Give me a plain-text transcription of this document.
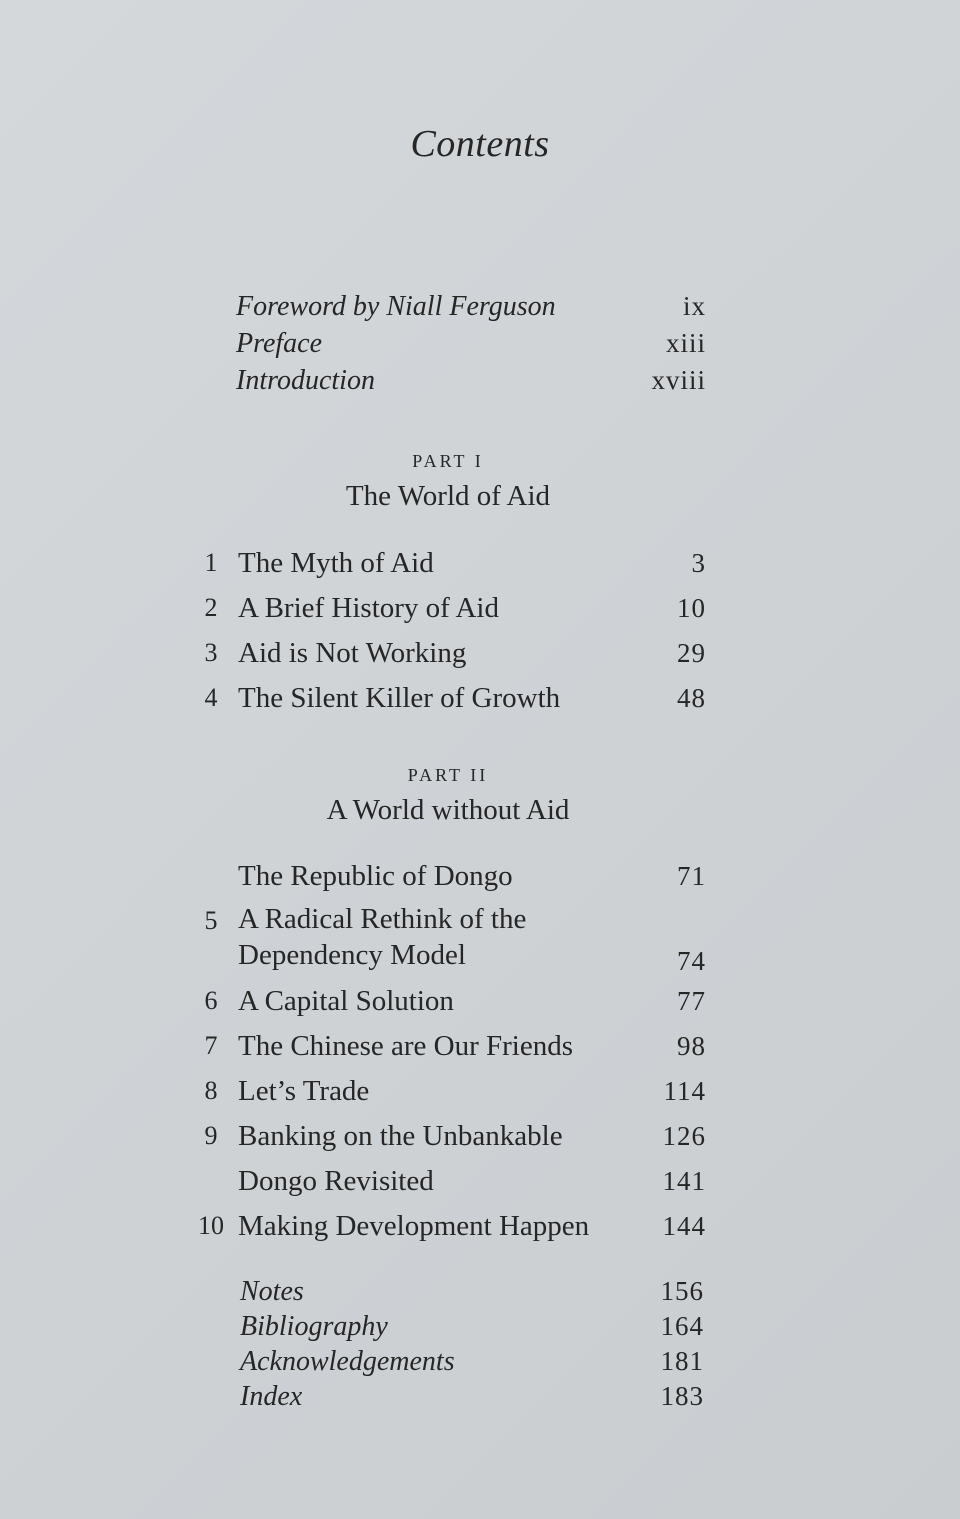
Contents
Foreword by Niall Ferguson	ix
Preface	xiii
Introduction	xviii
PART I
The World of Aid
1 The Myth of Aid	3
2 A Brief History of Aid	10
3 Aid is Not Working	29
4 The Silent Killer of Growth	48
PART II
A World without Aid
The Republic of Dongo	71
5 A Radical Rethink of the
Dependency Model	74
6 A Capital Solution	77
7 The Chinese are Our Friends	98
8 Let’s Trade	114
9 Banking on the Unbankable	126
Dongo Revisited	141
10 Making Development Happen	144
Notes	156
Bibliography	164
Acknowledgements	181
Index	183
